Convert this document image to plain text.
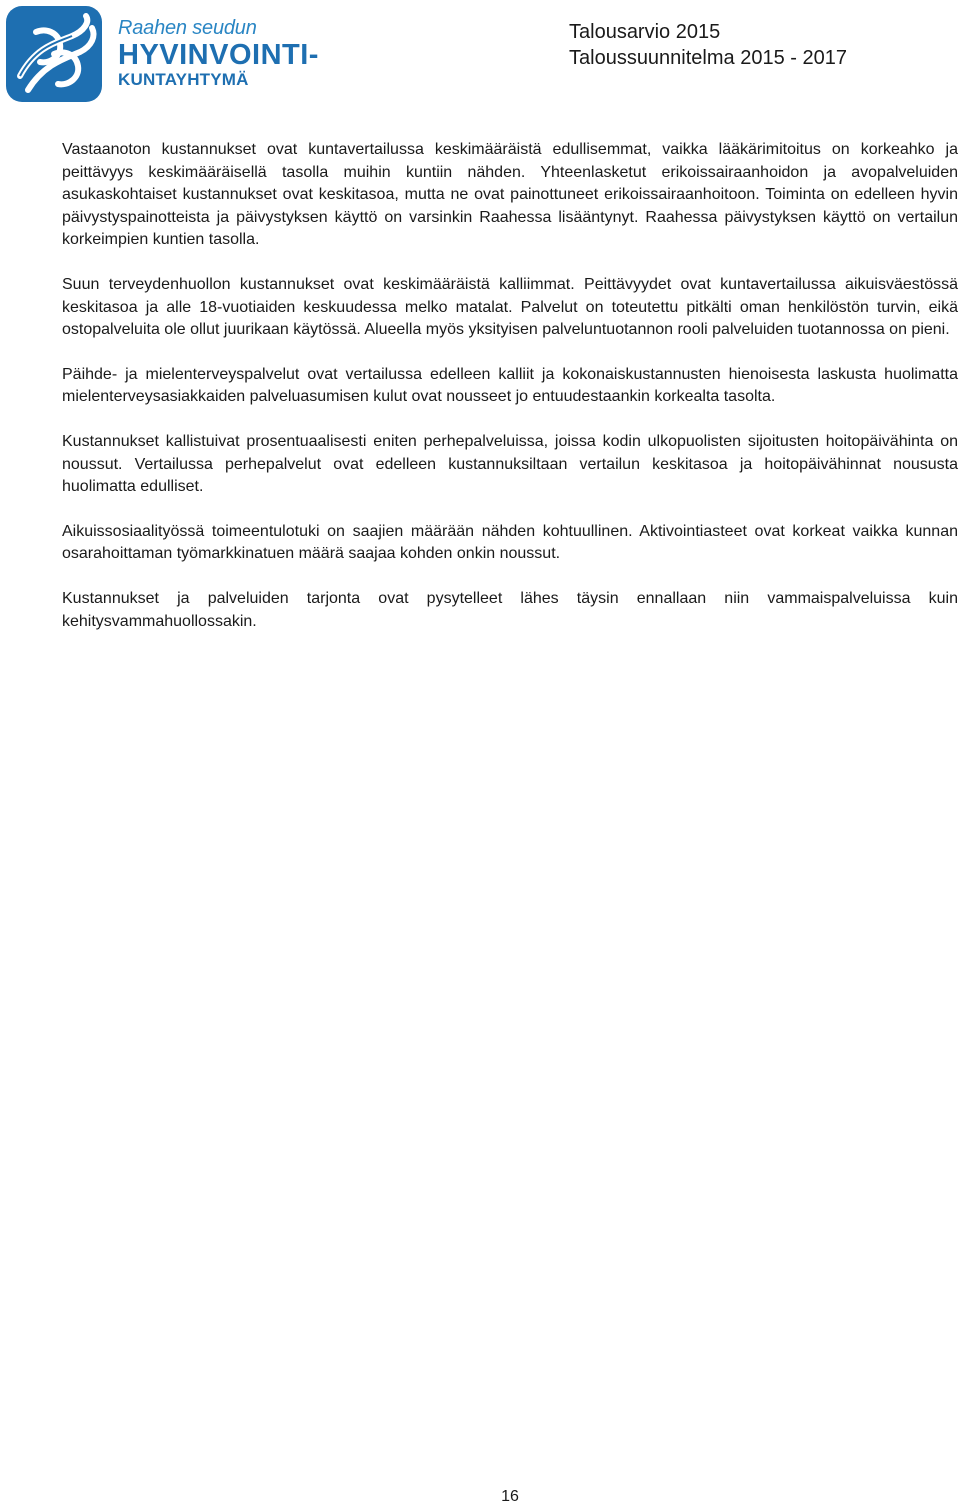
Raahen seudun
HYVINVOINTI-
KUNTAYHTYMÄ
Talousarvio 2015
Taloussuunnitelma 2015 - 2017

Vastaanoton kustannukset ovat kuntavertailussa keskimääräistä edullisemmat, vaikka lääkärimitoitus on korkeahko ja peittävyys keskimääräisellä tasolla muihin kuntiin nähden. Yhteenlasketut erikoissairaanhoidon ja avopalveluiden asukaskohtaiset kustannukset ovat keskitasoa, mutta ne ovat painottuneet erikoissairaanhoitoon. Toiminta on edelleen hyvin päivystyspainotteista ja päivystyksen käyttö on varsinkin Raahessa lisääntynyt. Raahessa päivystyksen käyttö on vertailun korkeimpien kuntien tasolla.

Suun terveydenhuollon kustannukset ovat keskimääräistä kalliimmat. Peittävyydet ovat kuntavertailussa aikuisväestössä keskitasoa ja alle 18-vuotiaiden keskuudessa melko matalat. Palvelut on toteutettu pitkälti oman henkilöstön turvin, eikä ostopalveluita ole ollut juurikaan käytössä. Alueella myös yksityisen palveluntuotannon rooli palveluiden tuotannossa on pieni.

Päihde- ja mielenterveyspalvelut ovat vertailussa edelleen kalliit ja kokonaiskustannusten hienoisesta laskusta huolimatta mielenterveysasiakkaiden palveluasumisen kulut ovat nousseet jo entuudestaankin korkealta tasolta.

Kustannukset kallistuivat prosentuaalisesti eniten perhepalveluissa, joissa kodin ulkopuolisten sijoitusten hoitopäivähinta on noussut. Vertailussa perhepalvelut ovat edelleen kustannuksiltaan vertailun keskitasoa ja hoitopäivähinnat noususta huolimatta edulliset.

Aikuissosiaalityössä toimeentulotuki on saajien määrään nähden kohtuullinen. Aktivointiasteet ovat korkeat vaikka kunnan osarahoittaman työmarkkinatuen määrä saajaa kohden onkin noussut.

Kustannukset ja palveluiden tarjonta ovat pysytelleet lähes täysin ennallaan niin vammaispalveluissa kuin kehitysvammahuollossakin.

16
